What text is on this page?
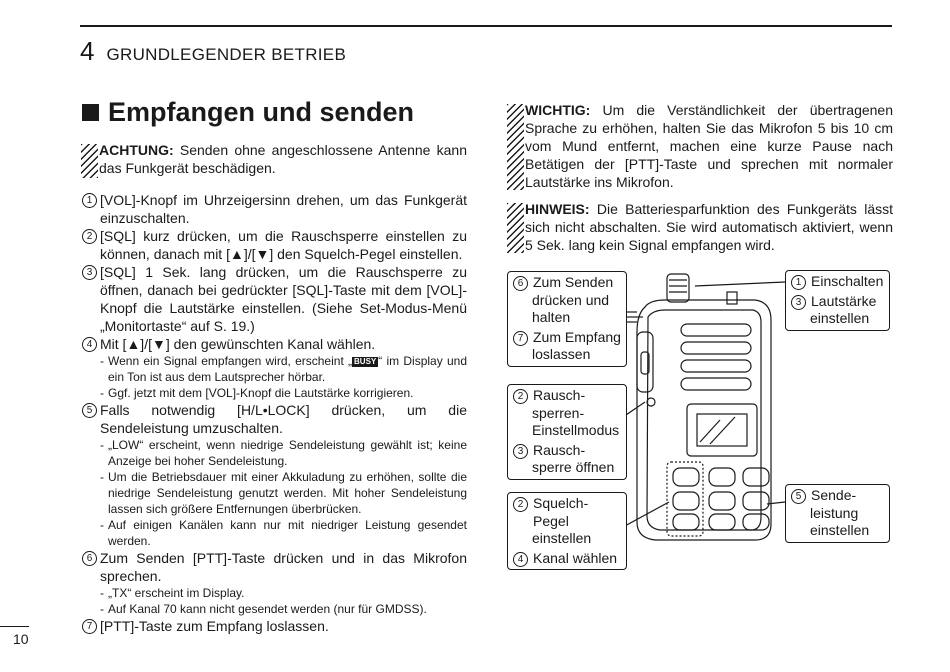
4 GRUNDLEGENDER BETRIEB
Empfangen und senden
ACHTUNG: Senden ohne angeschlossene Antenne kann das Funkgerät beschädigen.
1 [VOL]-Knopf im Uhrzeigersinn drehen, um das Funkgerät einzuschalten.
2 [SQL] kurz drücken, um die Rauschsperre einstellen zu können, danach mit [▲]/[▼] den Squelch-Pegel einstellen.
3 [SQL] 1 Sek. lang drücken, um die Rauschsperre zu öffnen, danach bei gedrückter [SQL]-Taste mit dem [VOL]-Knopf die Lautstärke einstellen. (Siehe Set-Modus-Menü „Monitortaste“ auf S. 19.)
4 Mit [▲]/[▼] den gewünschten Kanal wählen.
- Wenn ein Signal empfangen wird, erscheint „ BUSY “ im Display und ein Ton ist aus dem Lautsprecher hörbar.
- Ggf. jetzt mit dem [VOL]-Knopf die Lautstärke korrigieren.
5 Falls notwendig [H/L•LOCK] drücken, um die Sendeleistung umzuschalten.
- „LOW“ erscheint, wenn niedrige Sendeleistung gewählt ist; keine Anzeige bei hoher Sendeleistung.
- Um die Betriebsdauer mit einer Akkuladung zu erhöhen, sollte die niedrige Sendeleistung genutzt werden. Mit hoher Sendeleistung lassen sich größere Entfernungen überbrücken.
- Auf einigen Kanälen kann nur mit niedriger Leistung gesendet werden.
6 Zum Senden [PTT]-Taste drücken und in das Mikrofon sprechen.
- „TX“ erscheint im Display.
- Auf Kanal 70 kann nicht gesendet werden (nur für GMDSS).
7 [PTT]-Taste zum Empfang loslassen.
WICHTIG: Um die Verständlichkeit der übertragenen Sprache zu erhöhen, halten Sie das Mikrofon 5 bis 10 cm vom Mund entfernt, machen eine kurze Pause nach Betätigen der [PTT]-Taste und sprechen mit normaler Lautstärke ins Mikrofon.
HINWEIS: Die Batteriesparfunktion des Funkgeräts lässt sich nicht abschalten. Sie wird automatisch aktiviert, wenn 5 Sek. lang kein Signal empfangen wird.
6 Zum Senden
drücken und
halten
7 Zum Empfang
loslassen
2 Rausch-
sperren-
Einstellmodus
3 Rausch-
sperre öffnen
2 Squelch-Pegel
einstellen
4 Kanal wählen
1 Einschalten
3 Lautstärke
einstellen
5 Sende-
leistung
einstellen
10
